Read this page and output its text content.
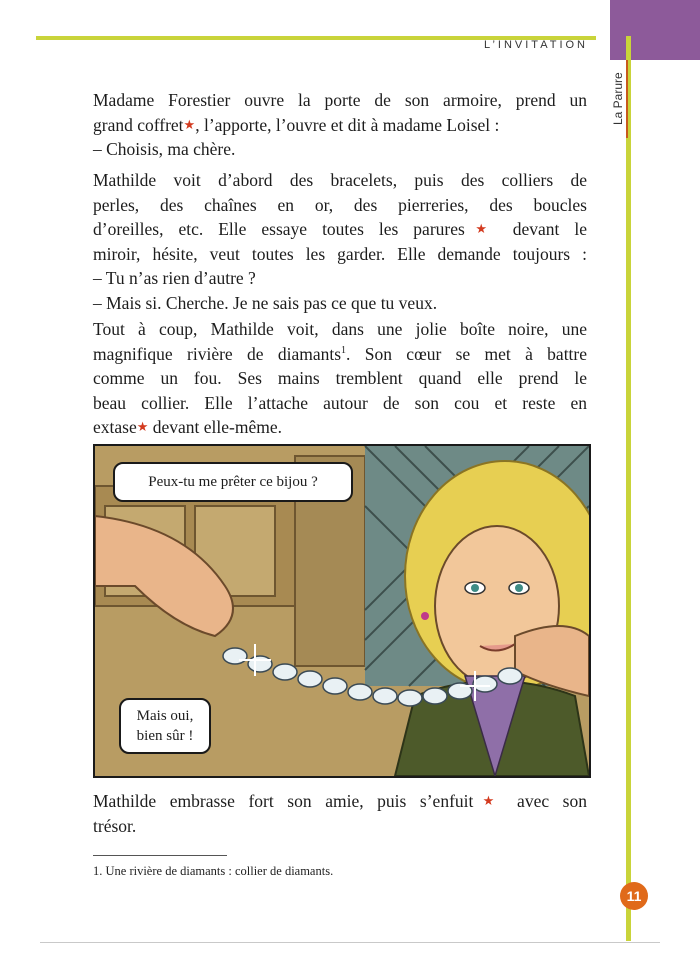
L’INVITATION
La Parure

Madame Forestier ouvre la porte de son armoire, prend un
grand coffret★, l’apporte, l’ouvre et dit à madame Loisel :
– Choisis, ma chère.

Mathilde voit d’abord des bracelets, puis des colliers de
perles, des chaînes en or, des pierreries, des boucles
d’oreilles, etc. Elle essaye toutes les parures★ devant le
miroir, hésite, veut toutes les garder. Elle demande toujours :
– Tu n’as rien d’autre ?
– Mais si. Cherche. Je ne sais pas ce que tu veux.

Tout à coup, Mathilde voit, dans une jolie boîte noire, une
magnifique rivière de diamants$^1$. Son cœur se met à battre
comme un fou. Ses mains tremblent quand elle prend le
beau collier. Elle l’attache autour de son cou et reste en
extase★ devant elle-même.

Peux-tu me prêter ce bijou ?
Mais oui,
bien sûr !

Mathilde embrasse fort son amie, puis s’enfuit★ avec son
trésor.

1. Une rivière de diamants : collier de diamants.
11
